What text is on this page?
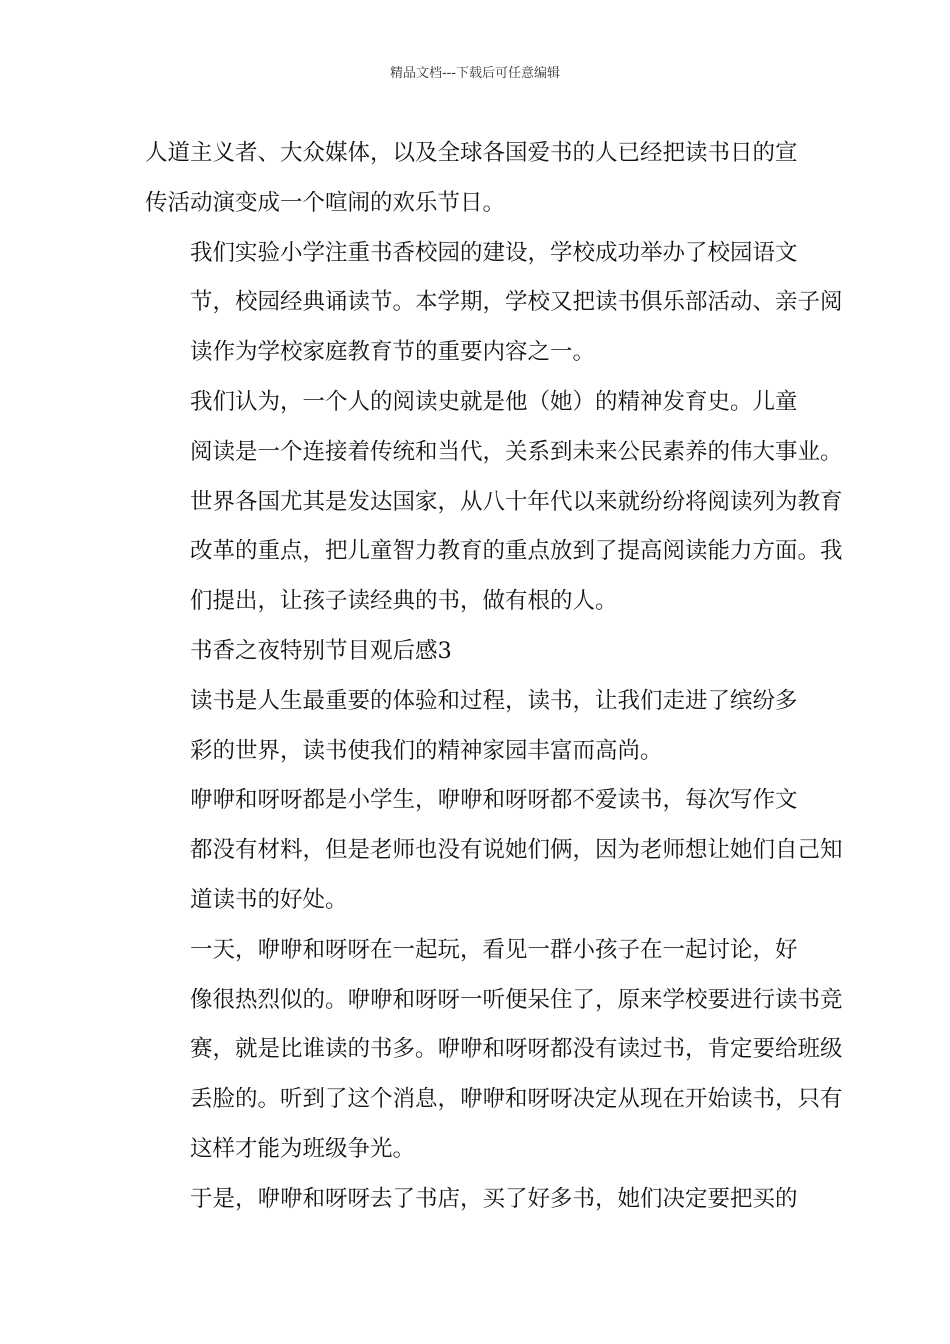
精品文档---下载后可任意编辑
人道主义者、大众媒体，以及全球各国爱书的人已经把读书日的宣
传活动演变成一个喧闹的欢乐节日。
我们实验小学注重书香校园的建设，学校成功举办了校园语文
节，校园经典诵读节。本学期，学校又把读书俱乐部活动、亲子阅
读作为学校家庭教育节的重要内容之一。
我们认为，一个人的阅读史就是他（她）的精神发育史。儿童
阅读是一个连接着传统和当代，关系到未来公民素养的伟大事业。
世界各国尤其是发达国家，从八十年代以来就纷纷将阅读列为教育
改革的重点，把儿童智力教育的重点放到了提高阅读能力方面。我
们提出，让孩子读经典的书，做有根的人。
书香之夜特别节目观后感3
读书是人生最重要的体验和过程，读书，让我们走进了缤纷多
彩的世界，读书使我们的精神家园丰富而高尚。
咿咿和呀呀都是小学生，咿咿和呀呀都不爱读书，每次写作文
都没有材料，但是老师也没有说她们俩，因为老师想让她们自己知
道读书的好处。
一天，咿咿和呀呀在一起玩，看见一群小孩子在一起讨论，好
像很热烈似的。咿咿和呀呀一听便呆住了，原来学校要进行读书竞
赛，就是比谁读的书多。咿咿和呀呀都没有读过书，肯定要给班级
丢脸的。听到了这个消息，咿咿和呀呀决定从现在开始读书，只有
这样才能为班级争光。
于是，咿咿和呀呀去了书店，买了好多书，她们决定要把买的
